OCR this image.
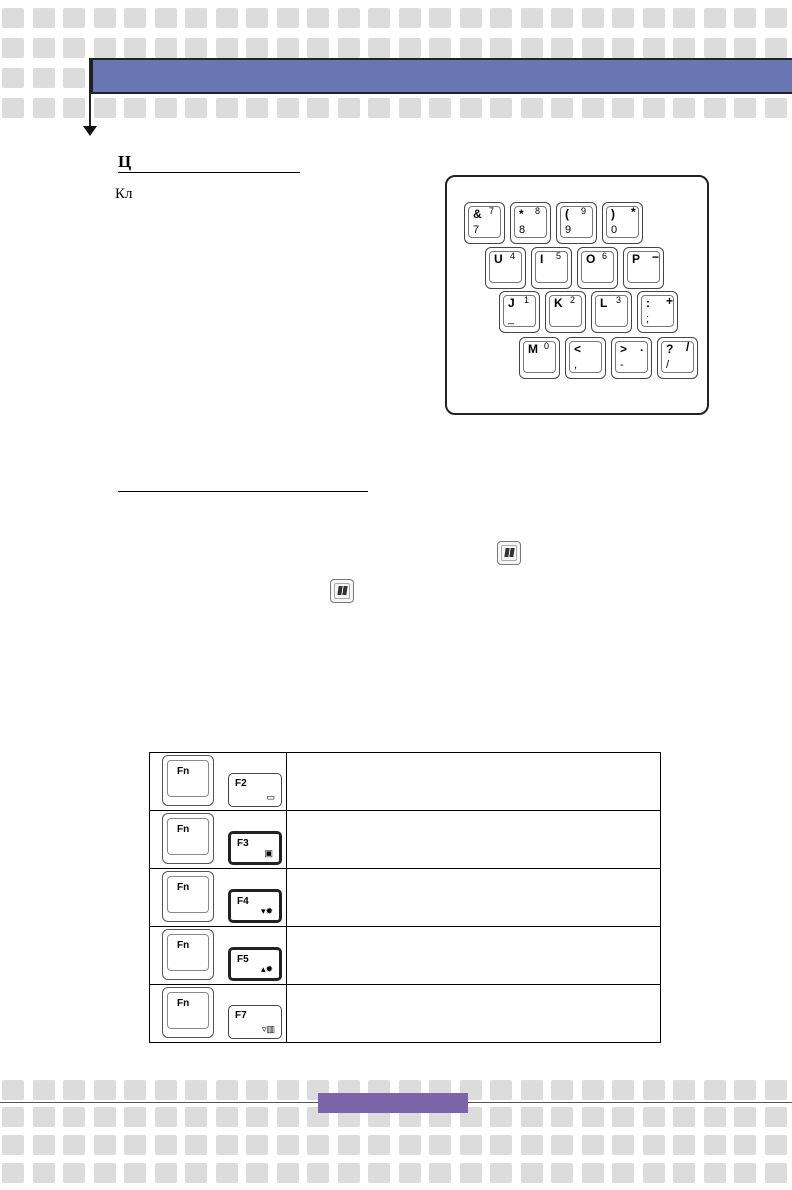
Ц
Кл
& 7
7
* 8
8
( 9
9
)
0
*
U 4 I 5 O 6 P −
J 1
_
K 2 L 3 :
;
+
M 0 <
,
>
-
. ?
/
/
Fn
F2
▭	

Fn
F3
▣	

Fn
F4
▾✹	

Fn
F5
▴✹	

Fn
F7
▿▥	
